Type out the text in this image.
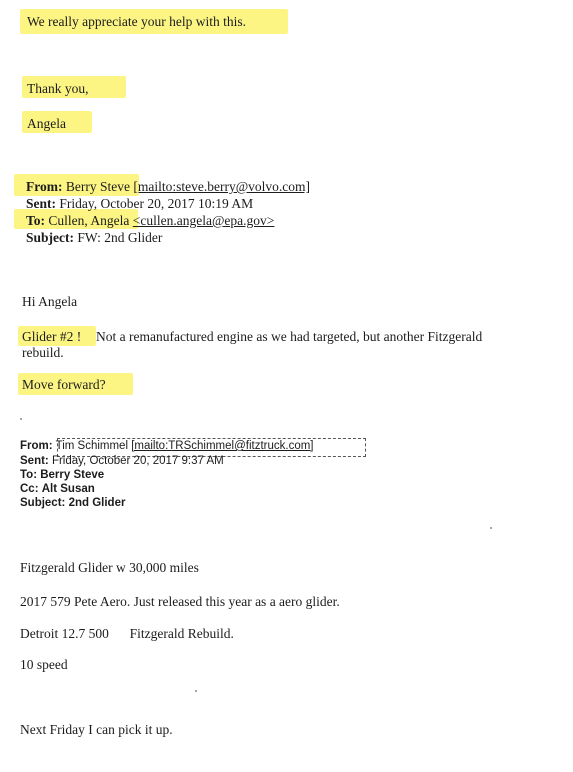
We really appreciate your help with this.
Thank you,
Angela
From: Berry Steve [mailto:steve.berry@volvo.com]
Sent: Friday, October 20, 2017 10:19 AM
To: Cullen, Angela <cullen.angela@epa.gov>
Subject: FW: 2nd Glider
Hi Angela
Glider #2 ! Not a remanufactured engine as we had targeted, but another Fitzgerald
rebuild.
Move forward?
From: Tim Schimmel [mailto:TRSchimmel@fitztruck.com]
Sent: Friday, October 20, 2017 9:37 AM
To: Berry Steve
Cc: Alt Susan
Subject: 2nd Glider
Fitzgerald Glider w 30,000 miles
2017 579 Pete Aero. Just released this year as a aero glider.
Detroit 12.7 500 Fitzgerald Rebuild.
10 speed
Next Friday I can pick it up.
